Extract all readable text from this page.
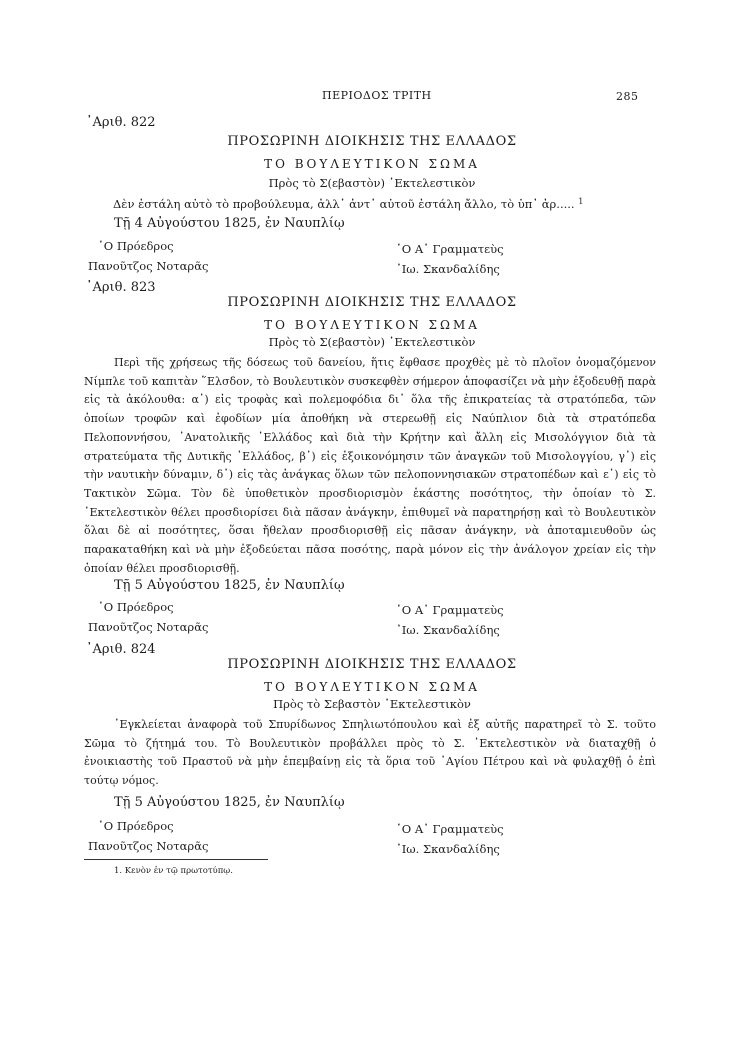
ΠΕΡΙΟΔΟΣ ΤΡΙΤΗ	285
᾿Αριθ. 822
ΠΡΟΣΩΡΙΝΗ ΔΙΟΙΚΗΣΙΣ ΤΗΣ ΕΛΛΑΔΟΣ
ΤΟ ΒΟΥΛΕΥΤΙΚΟΝ ΣΩΜΑ
Πρὸς τὸ Σ(εβαστὸν) ᾿Εκτελεστικὸν
Δὲν ἐστάλη αὐτὸ τὸ προβούλευμα, ἀλλ᾿ ἀντ᾿ αὐτοῦ ἐστάλη ἄλλο, τὸ ὑπ᾿ ἀρ..... $^1$
Τῇ 4 Αὐγούστου 1825, ἐν Ναυπλίῳ
῾Ο Πρόεδρος
Πανοῦτζος Νοταρᾶς
῾Ο Α᾿ Γραμματεὺς
᾿Ιω. Σκανδαλίδης
᾿Αριθ. 823
ΠΡΟΣΩΡΙΝΗ ΔΙΟΙΚΗΣΙΣ ΤΗΣ ΕΛΛΑΔΟΣ
ΤΟ ΒΟΥΛΕΥΤΙΚΟΝ ΣΩΜΑ
Πρὸς τὸ Σ(εβαστὸν) ᾿Εκτελεστικὸν

Περὶ τῆς χρήσεως τῆς δόσεως τοῦ δανείου, ἥτις ἔφθασε προχθὲς μὲ τὸ πλοῖον ὀνομαζόμενον Νίμπλε τοῦ καπιτὰν ῞Ελσδον, τὸ Βουλευτικὸν συσκεφθὲν σήμερον ἀποφασίζει νὰ μὴν ἐξοδευθῇ παρὰ εἰς τὰ ἀκόλουθα: α᾿) εἰς τροφὰς καὶ πολεμοφόδια δι᾿ ὅλα τῆς ἐπικρατείας τὰ στρατόπεδα, τῶν ὁποίων τροφῶν καὶ ἐφοδίων μία ἀποθήκη νὰ στερεωθῇ εἰς Ναύπλιον διὰ τὰ στρατόπεδα Πελοποννήσου, ᾿Ανατολικῆς ῾Ελλάδος καὶ διὰ τὴν Κρήτην καὶ ἄλλη εἰς Μισολόγγιον διὰ τὰ στρατεύματα τῆς Δυτικῆς ῾Ελλάδος, β᾿) εἰς ἐξοικονόμησιν τῶν ἀναγκῶν τοῦ Μισολογγίου, γ᾿) εἰς τὴν ναυτικὴν δύναμιν, δ᾿) εἰς τὰς ἀνάγκας ὅλων τῶν πελοποννησιακῶν στρατοπέδων καὶ ε᾿) εἰς τὸ Τακτικὸν Σῶμα. Τὸν δὲ ὑποθετικὸν προσδιορισμὸν ἑκάστης ποσότητος, τὴν ὁποίαν τὸ Σ. ᾿Εκτελεστικὸν θέλει προσδιορίσει διὰ πᾶσαν ἀνάγκην, ἐπιθυμεῖ νὰ παρατηρήσῃ καὶ τὸ Βουλευτικὸν ὅλαι δὲ αἱ ποσότητες, ὅσαι ἤθελαν προσδιορισθῇ εἰς πᾶσαν ἀνάγκην, νὰ ἀποταμιευθοῦν ὡς παρακαταθήκη καὶ νὰ μὴν ἐξοδεύεται πᾶσα ποσότης, παρὰ μόνον εἰς τὴν ἀνάλογον χρείαν εἰς τὴν ὁποίαν θέλει προσδιορισθῇ.

Τῇ 5 Αὐγούστου 1825, ἐν Ναυπλίῳ
῾Ο Πρόεδρος
Πανοῦτζος Νοταρᾶς
῾Ο Α᾿ Γραμματεὺς
᾿Ιω. Σκανδαλίδης
᾿Αριθ. 824
ΠΡΟΣΩΡΙΝΗ ΔΙΟΙΚΗΣΙΣ ΤΗΣ ΕΛΛΑΔΟΣ
ΤΟ ΒΟΥΛΕΥΤΙΚΟΝ ΣΩΜΑ
Πρὸς τὸ Σεβαστὸν ᾿Εκτελεστικὸν

᾿Εγκλείεται ἀναφορὰ τοῦ Σπυρίδωνος Σπηλιωτόπουλου καὶ ἐξ αὐτῆς παρατηρεῖ τὸ Σ. τοῦτο Σῶμα τὸ ζήτημά του. Τὸ Βουλευτικὸν προβάλλει πρὸς τὸ Σ. ᾿Εκτελεστικὸν νὰ διαταχθῇ ὁ ἐνοικιαστὴς τοῦ Πραστοῦ νὰ μὴν ἐπεμβαίνῃ εἰς τὰ ὅρια τοῦ ῾Αγίου Πέτρου καὶ νὰ φυλαχθῇ ὁ ἐπὶ τούτῳ νόμος.

Τῇ 5 Αὐγούστου 1825, ἐν Ναυπλίῳ
῾Ο Πρόεδρος
Πανοῦτζος Νοταρᾶς
῾Ο Α᾿ Γραμματεὺς
᾿Ιω. Σκανδαλίδης
1. Κενὸν ἐν τῷ πρωτοτύπῳ.
